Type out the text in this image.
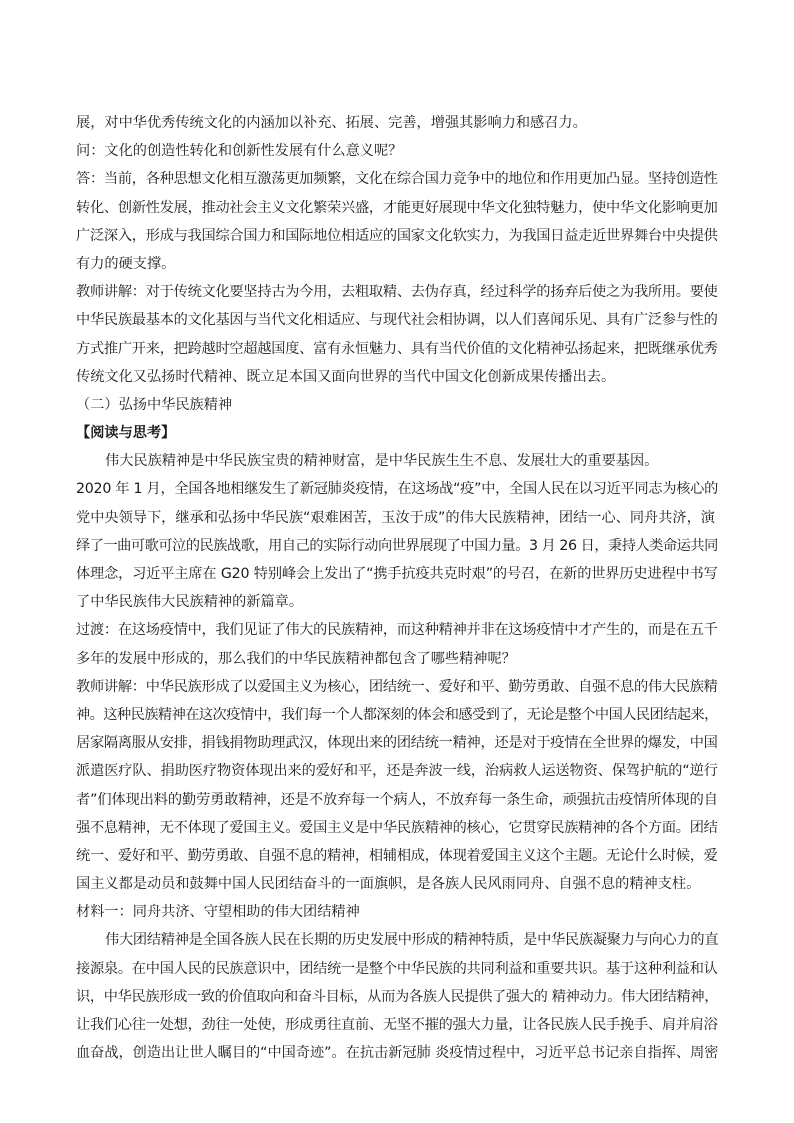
展，对中华优秀传统文化的内涵加以补充、拓展、完善，增强其影响力和感召力。
问：文化的创造性转化和创新性发展有什么意义呢？
答：当前，各种思想文化相互激荡更加频繁，文化在综合国力竞争中的地位和作用更加凸显。坚持创造性
转化、创新性发展，推动社会主义文化繁荣兴盛，才能更好展现中华文化独特魅力，使中华文化影响更加
广泛深入，形成与我国综合国力和国际地位相适应的国家文化软实力，为我国日益走近世界舞台中央提供
有力的硬支撑。
教师讲解：对于传统文化要坚持古为今用，去粗取精、去伪存真，经过科学的扬弃后使之为我所用。要使
中华民族最基本的文化基因与当代文化相适应、与现代社会相协调，以人们喜闻乐见、具有广泛参与性的
方式推广开来，把跨越时空超越国度、富有永恒魅力、具有当代价值的文化精神弘扬起来，把既继承优秀
传统文化又弘扬时代精神、既立足本国又面向世界的当代中国文化创新成果传播出去。
（二）弘扬中华民族精神
【阅读与思考】
伟大民族精神是中华民族宝贵的精神财富，是中华民族生生不息、发展壮大的重要基因。
2020 年 1 月，全国各地相继发生了新冠肺炎疫情，在这场战“疫”中，全国人民在以习近平同志为核心的
党中央领导下，继承和弘扬中华民族“艰难困苦，玉汝于成”的伟大民族精神，团结一心、同舟共济，演
绎了一曲可歌可泣的民族战歌，用自己的实际行动向世界展现了中国力量。3 月 26 日，秉持人类命运共同
体理念，习近平主席在 G20 特别峰会上发出了“携手抗疫共克时艰”的号召，在新的世界历史进程中书写
了中华民族伟大民族精神的新篇章。
过渡：在这场疫情中，我们见证了伟大的民族精神，而这种精神并非在这场疫情中才产生的，而是在五千
多年的发展中形成的，那么我们的中华民族精神都包含了哪些精神呢？
教师讲解：中华民族形成了以爱国主义为核心，团结统一、爱好和平、勤劳勇敢、自强不息的伟大民族精
神。这种民族精神在这次疫情中，我们每一个人都深刻的体会和感受到了，无论是整个中国人民团结起来，
居家隔离服从安排，捐钱捐物助理武汉，体现出来的团结统一精神，还是对于疫情在全世界的爆发，中国
派遣医疗队、捐助医疗物资体现出来的爱好和平，还是奔波一线，治病救人运送物资、保驾护航的“逆行
者”们体现出料的勤劳勇敢精神，还是不放弃每一个病人，不放弃每一条生命，顽强抗击疫情所体现的自
强不息精神，无不体现了爱国主义。爱国主义是中华民族精神的核心，它贯穿民族精神的各个方面。团结
统一、爱好和平、勤劳勇敢、自强不息的精神，相辅相成，体现着爱国主义这个主题。无论什么时候，爱
国主义都是动员和鼓舞中国人民团结奋斗的一面旗帜，是各族人民风雨同舟、自强不息的精神支柱。
材料一：同舟共济、守望相助的伟大团结精神
伟大团结精神是全国各族人民在长期的历史发展中形成的精神特质，是中华民族凝聚力与向心力的直
接源泉。在中国人民的民族意识中，团结统一是整个中华民族的共同利益和重要共识。基于这种利益和认
识，中华民族形成一致的价值取向和奋斗目标，从而为各族人民提供了强大的 精神动力。伟大团结精神，
让我们心往一处想，劲往一处使，形成勇往直前、无坚不摧的强大力量，让各民族人民手挽手、肩并肩浴
血奋战，创造出让世人瞩目的“中国奇迹”。在抗击新冠肺 炎疫情过程中，习近平总书记亲自指挥、周密
